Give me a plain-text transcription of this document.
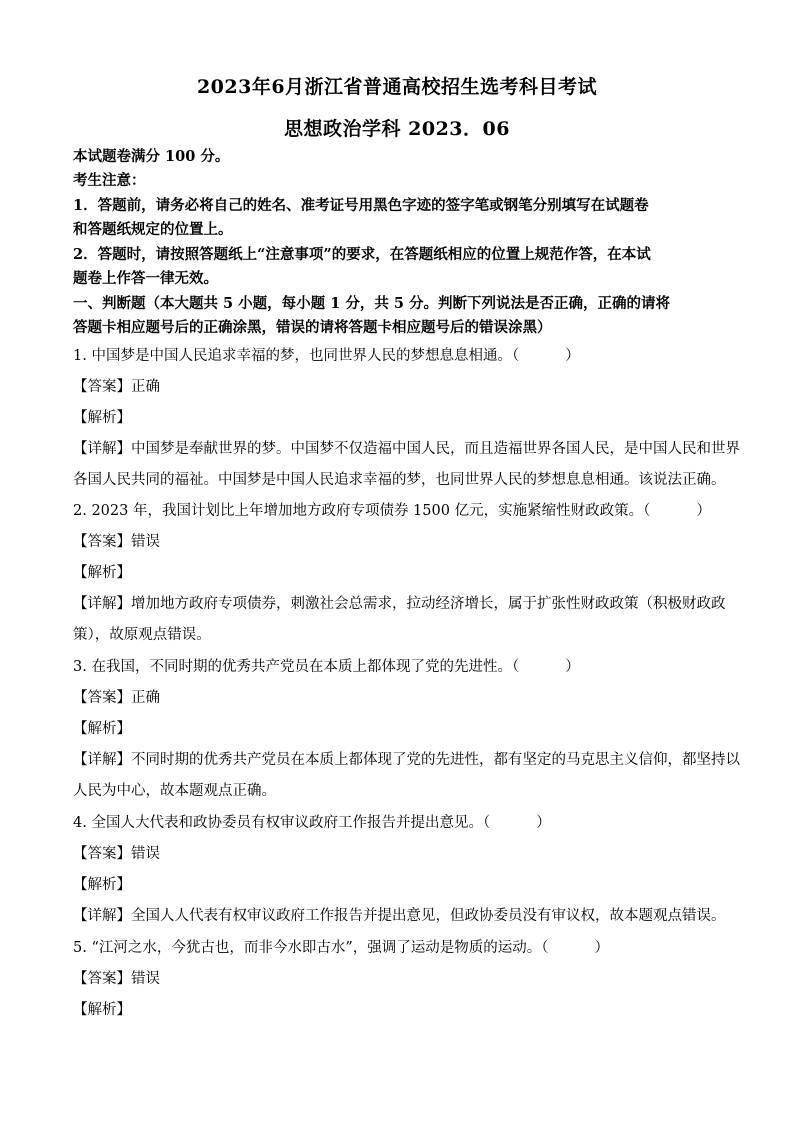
2023年6月浙江省普通高校招生选考科目考试
思想政治学科 2023．06
本试题卷满分 100 分。
考生注意：
1．答题前，请务必将自己的姓名、准考证号用黑色字迹的签字笔或钢笔分别填写在试题卷
和答题纸规定的位置上。
2．答题时，请按照答题纸上“注意事项”的要求，在答题纸相应的位置上规范作答，在本试
题卷上作答一律无效。
一、判断题（本大题共 5 小题，每小题 1 分，共 5 分。判断下列说法是否正确，正确的请将
答题卡相应题号后的正确涂黑，错误的请将答题卡相应题号后的错误涂黑）
1. 中国梦是中国人民追求幸福的梦，也同世界人民的梦想息息相通。（	）
【答案】正确
【解析】
【详解】中国梦是奉献世界的梦。中国梦不仅造福中国人民，而且造福世界各国人民，是中国人民和世界
各国人民共同的福祉。中国梦是中国人民追求幸福的梦，也同世界人民的梦想息息相通。该说法正确。
2. 2023 年，我国计划比上年增加地方政府专项债券 1500 亿元，实施紧缩性财政政策。（	）
【答案】错误
【解析】
【详解】增加地方政府专项债券，刺激社会总需求，拉动经济增长，属于扩张性财政政策（积极财政政
策），故原观点错误。
3. 在我国，不同时期的优秀共产党员在本质上都体现了党的先进性。（	）
【答案】正确
【解析】
【详解】不同时期的优秀共产党员在本质上都体现了党的先进性，都有坚定的马克思主义信仰，都坚持以
人民为中心，故本题观点正确。
4. 全国人大代表和政协委员有权审议政府工作报告并提出意见。（	）
【答案】错误
【解析】
【详解】全国人人代表有权审议政府工作报告并提出意见，但政协委员没有审议权，故本题观点错误。
5. “江河之水，今犹古也，而非今水即古水”，强调了运动是物质的运动。（	）
【答案】错误
【解析】
